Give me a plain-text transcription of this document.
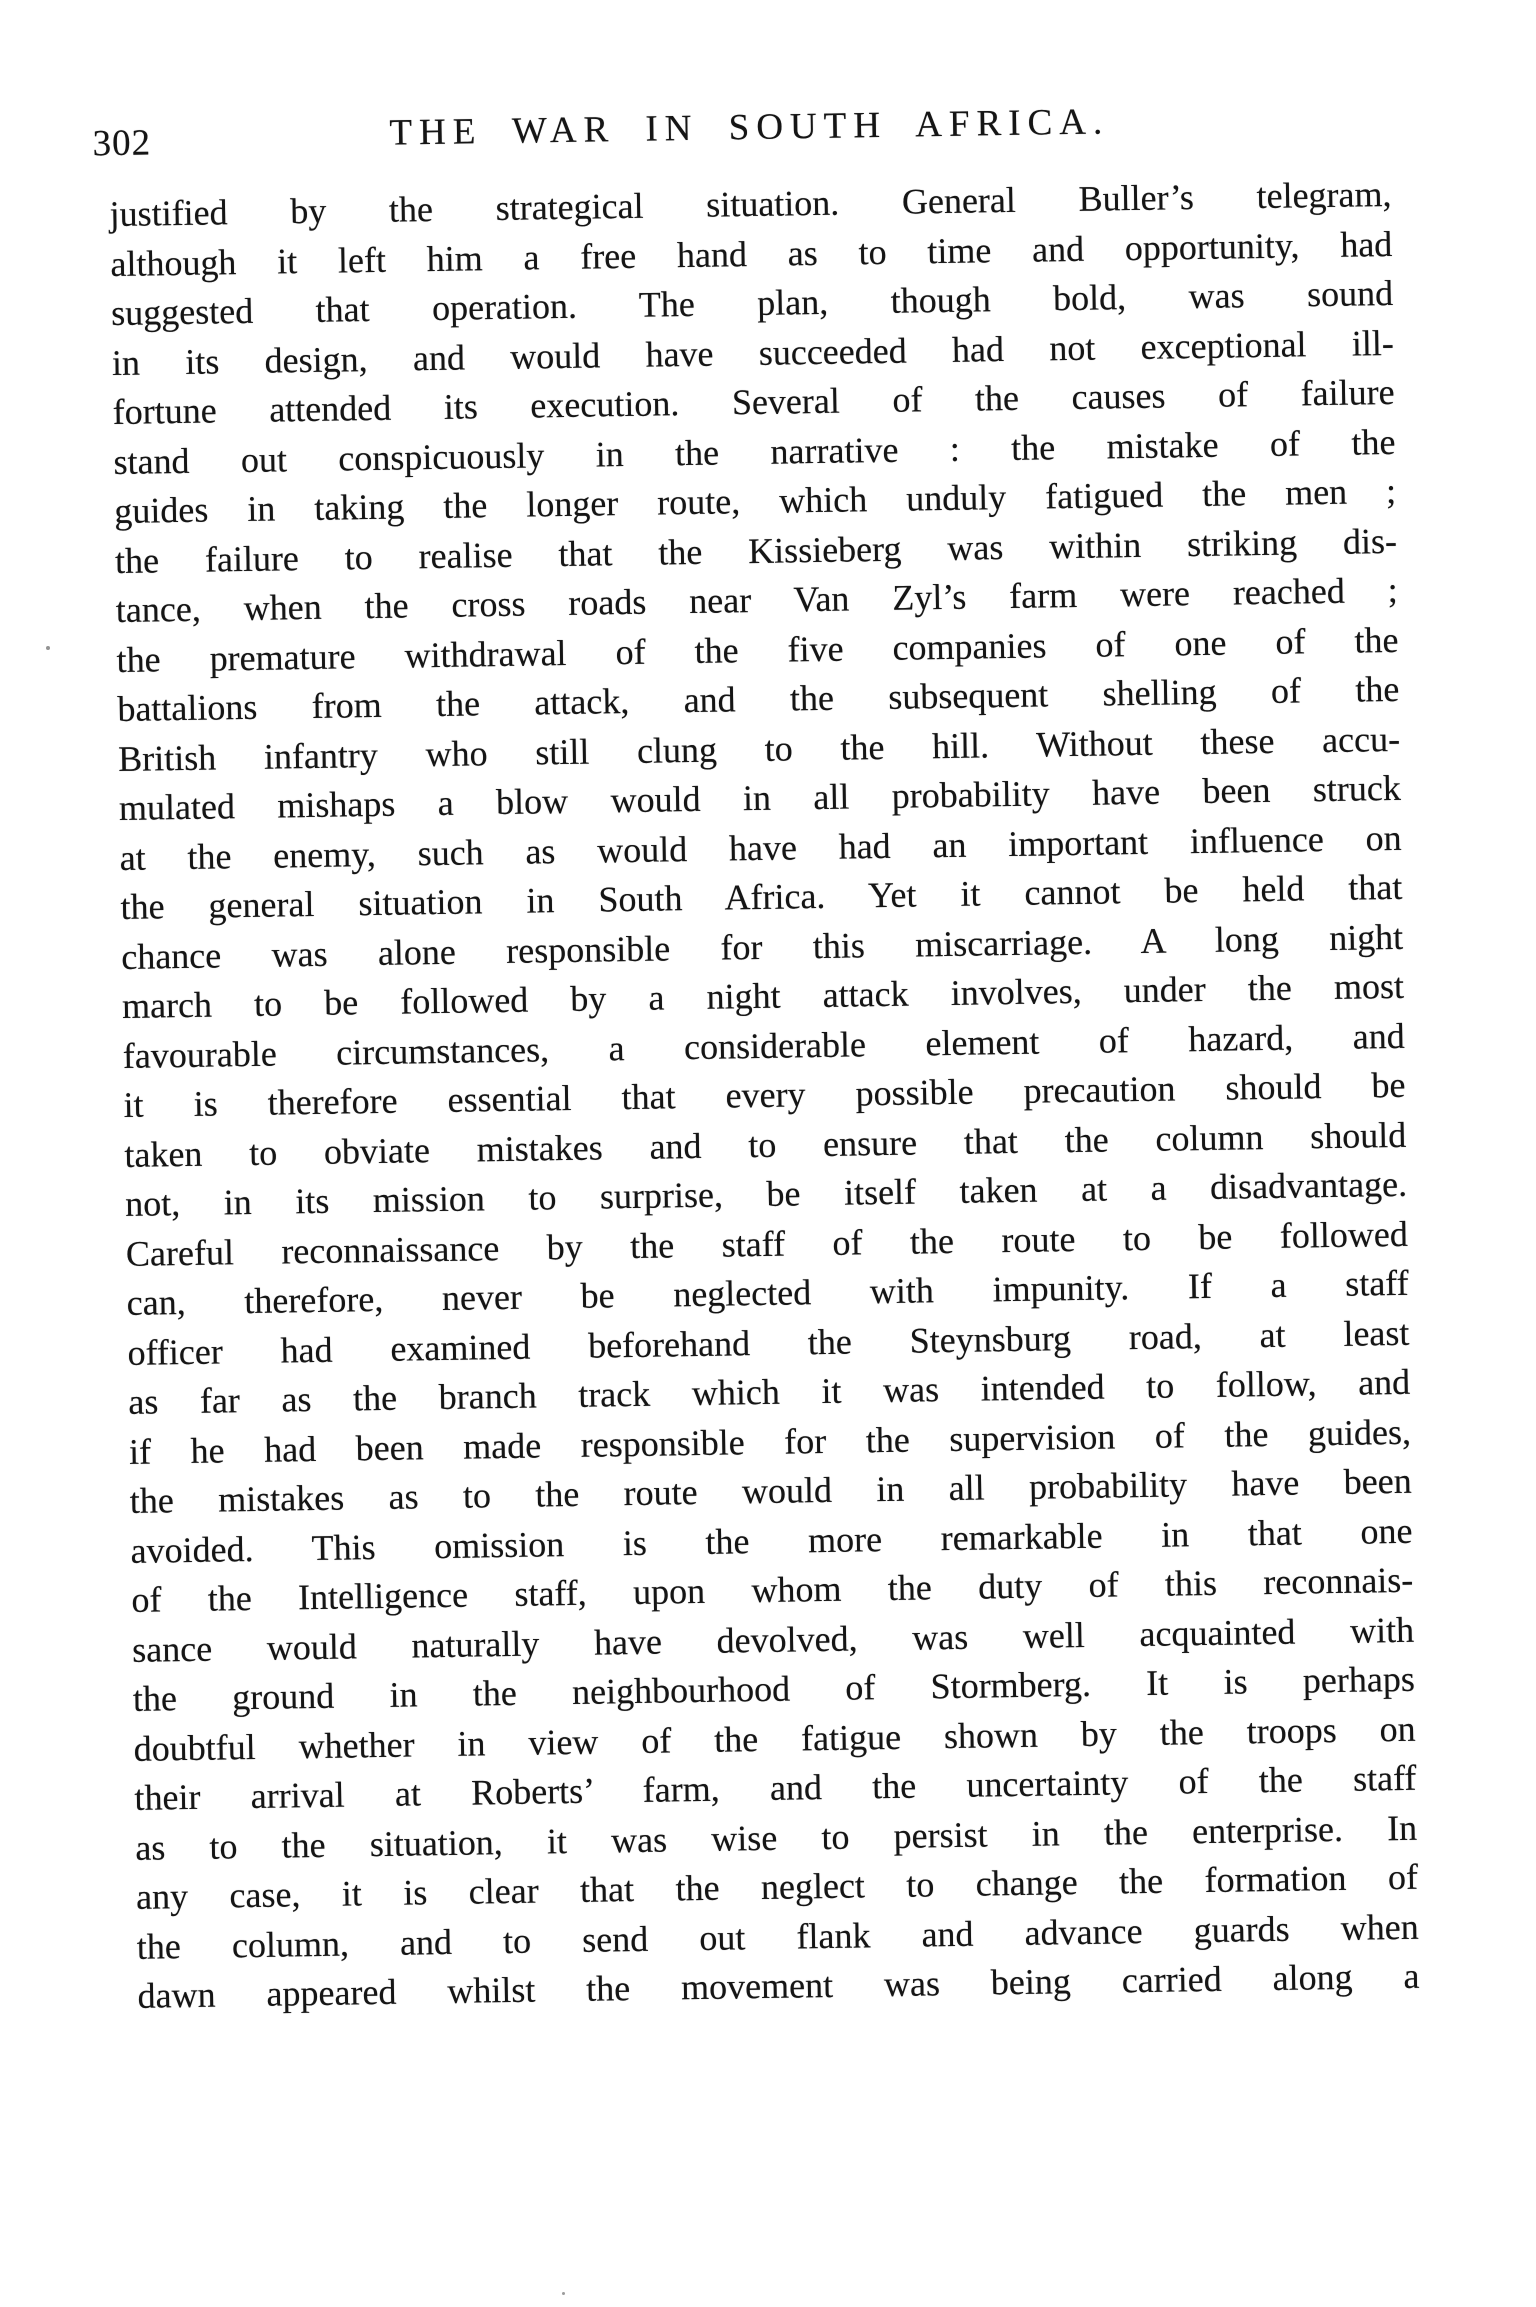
302	THE WAR IN SOUTH AFRICA.
justified by the strategical situation. General Buller’s telegram,
although it left him a free hand as to time and opportunity, had
suggested that operation. The plan, though bold, was sound
in its design, and would have succeeded had not exceptional ill-
fortune attended its execution. Several of the causes of failure
stand out conspicuously in the narrative : the mistake of the
guides in taking the longer route, which unduly fatigued the men ;
the failure to realise that the Kissieberg was within striking dis-
tance, when the cross roads near Van Zyl’s farm were reached ;
the premature withdrawal of the five companies of one of the
battalions from the attack, and the subsequent shelling of the
British infantry who still clung to the hill. Without these accu-
mulated mishaps a blow would in all probability have been struck
at the enemy, such as would have had an important influence on
the general situation in South Africa. Yet it cannot be held that
chance was alone responsible for this miscarriage. A long night
march to be followed by a night attack involves, under the most
favourable circumstances, a considerable element of hazard, and
it is therefore essential that every possible precaution should be
taken to obviate mistakes and to ensure that the column should
not, in its mission to surprise, be itself taken at a disadvantage.
Careful reconnaissance by the staff of the route to be followed
can, therefore, never be neglected with impunity. If a staff
officer had examined beforehand the Steynsburg road, at least
as far as the branch track which it was intended to follow, and
if he had been made responsible for the supervision of the guides,
the mistakes as to the route would in all probability have been
avoided. This omission is the more remarkable in that one
of the Intelligence staff, upon whom the duty of this reconnais-
sance would naturally have devolved, was well acquainted with
the ground in the neighbourhood of Stormberg. It is perhaps
doubtful whether in view of the fatigue shown by the troops on
their arrival at Roberts’ farm, and the uncertainty of the staff
as to the situation, it was wise to persist in the enterprise. In
any case, it is clear that the neglect to change the formation of
the column, and to send out flank and advance guards when
dawn appeared whilst the movement was being carried along a
